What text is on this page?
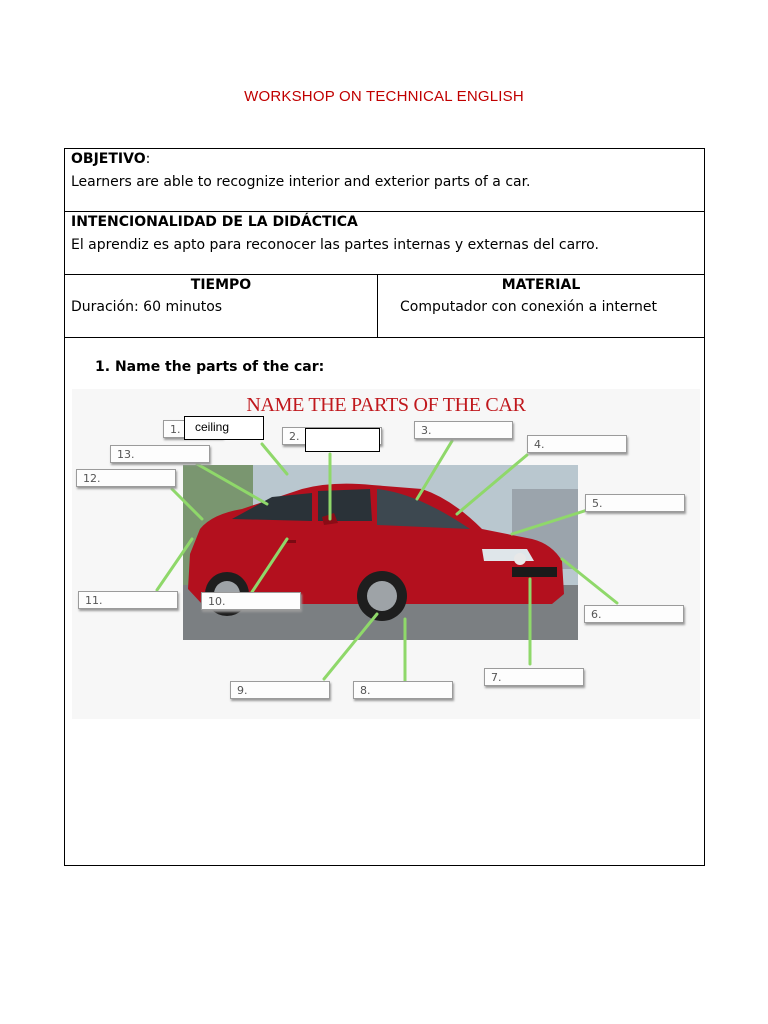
WORKSHOP ON TECHNICAL ENGLISH
OBJETIVO:
Learners are able to recognize interior and exterior parts of a car.
INTENCIONALIDAD DE LA DIDÁCTICA
El aprendiz es apto para reconocer las partes internas y externas del carro.
TIEMPO
Duración: 60 minutos
MATERIAL
Computador con conexión a internet
1. Name the parts of the car:
NAME THE PARTS OF THE CAR
1.
2.	3.
4.
5.
6.
7.
8.
9.
10.
11.
12.
13.
ceiling
